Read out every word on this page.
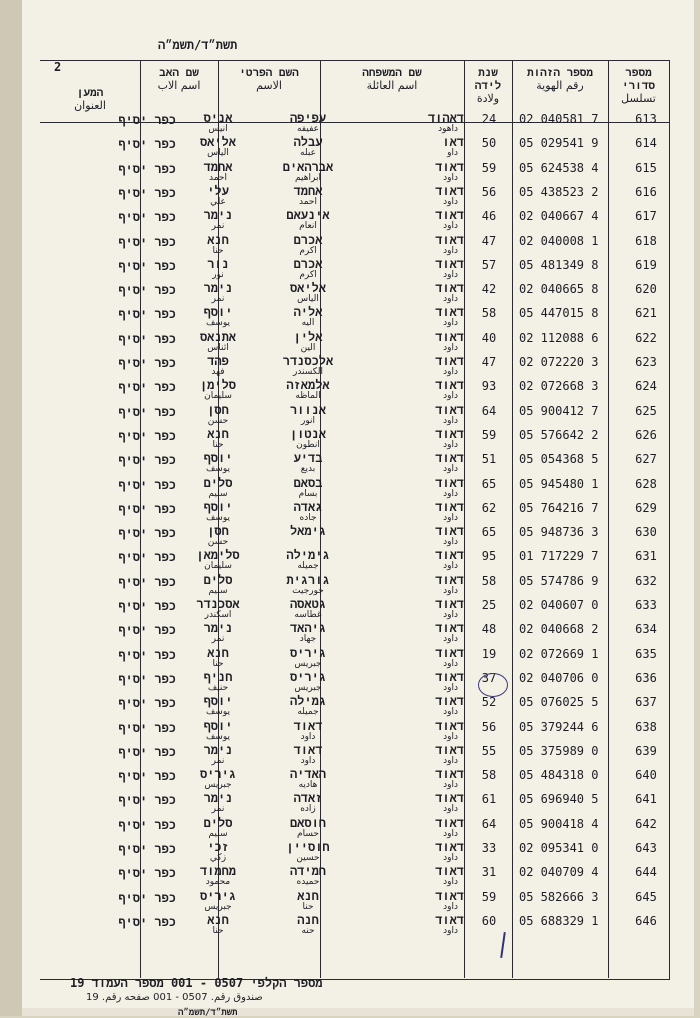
תשת״ד/תשמ״ה
2	מספר סדורי
تسلسل
מספר הזהות
رقم الهوية
שנת לידה
ولادة
שם המשפחה
اسم العائلة
השם הפרטי
الاسم
שם האב
اسم الاب
המען
العنوان
613
02 040581 7
24
דאהוד
داهود
עפיפה
عفيفه
אניס
انيس
כפר יסיף
614
05 029541 9
50
דאו
داو
עבלה
عبله
אליאס
الياس
כפר יסיף
615
05 624538 4
59
דאוד
داود
אברהאים
ابراهيم
אחמד
احمد
כפר יסיף
616
05 438523 2
56
דאוד
داود
אחמד
احمد
עלי
علي
כפר יסיף
617
02 040667 4
46
דאוד
داود
אינעאם
انعام
נימר
نمر
כפר יסיף
618
02 040008 1
47
דאוד
داود
אכרם
اكرم
חנא
حنا
כפר יסיף
619
05 481349 8
57
דאוד
داود
אכרם
اكرم
נור
نور
כפר יסיף
620
02 040665 8
42
דאוד
داود
אליאס
الياس
נימר
نمر
כפר יסיף
621
05 447015 8
58
דאוד
داود
אליה
اليه
יוסף
يوسف
כפר יסיף
622
02 112088 6
40
דאוד
داود
אלין
الين
אתנאס
اثناس
כפר יסיף
623
02 072220 3
47
דאוד
داود
אלכסנדר
الكسندر
פהד
فهد
כפר יסיף
624
02 072668 3
93
דאוד
داود
אלמאזה
الماظه
סלימן
سليمان
כפר יסיף
625
05 900412 7
64
דאוד
داود
אנוור
انور
חסן
حسن
כפר יסיף
626
05 576642 2
59
דאוד
داود
אנטון
انطون
חנא
حنا
כפר יסיף
627
05 054368 5
51
דאוד
داود
בדיע
بديع
יוסף
يوسف
כפר יסיף
628
05 945480 1
65
דאוד
داود
בסאם
بسام
סלים
سليم
כפר יסיף
629
05 764216 7
62
דאוד
داود
גאדה
جاده
יוסף
يوسف
כפר יסיף
630
05 948736 3
65
דאוד
داود
גימאל
חסן
حسن
כפר יסיף
631
01 717229 7
95
דאוד
داود
גימילה
جميله
סלימאן
سليمان
כפר יסיף
632
05 574786 9
58
דאוד
داود
גורגית
جورجيت
סלים
سليم
כפר יסיף
633
02 040607 0
25
דאוד
داود
גטאסה
غطاسه
אסכנדר
اسكندر
כפר יסיף
634
02 040668 2
48
דאוד
داود
גיהאד
جهاد
נימר
نمر
כפר יסיף
635
02 072669 1
19
דאוד
داود
גיריס
جبريس
חנא
حنا
כפר יסיף
636
02 040706 0
37
דאוד
داود
גיריס
جبريس
חניף
حنيف
כפר יסיף
637
05 076025 5
52
דאוד
داود
גמילה
جميله
יוסף
يوسف
כפר יסיף
638
05 379244 6
56
דאוד
داود
דאוד
داود
יוסף
يوسف
כפר יסיף
639
05 375989 0
55
דאוד
داود
דאוד
داود
נימר
نمر
כפר יסיף
640
05 484318 0
58
דאוד
داود
האדיה
هاديه
גיריס
جبريس
כפר יסיף
641
05 696940 5
61
דאוד
داود
זאדה
زاده
נימר
نمر
כפר יסיף
642
05 900418 4
64
דאוד
داود
חוסאם
حسام
סלים
سليم
כפר יסיף
643
02 095341 0
33
דאוד
داود
חוסיין
حسين
זכי
زكي
כפר יסיף
644
02 040709 4
31
דאוד
داود
חמידה
حميده
מחמוד
محمود
כפר יסיף
645
05 582666 3
59
דאוד
داود
חנא
حنا
גיריס
جبريس
כפר יסיף
646
05 688329 1
60
דאוד
داود
חנה
حنه
חנא
حنا
כפר יסיף
מספר הקלפי 0507 - 001 מספר העמוד 19
صندوق رقم. 0507 - 001 صفحه رقم. 19
תשת״ד/תשמ״ה
